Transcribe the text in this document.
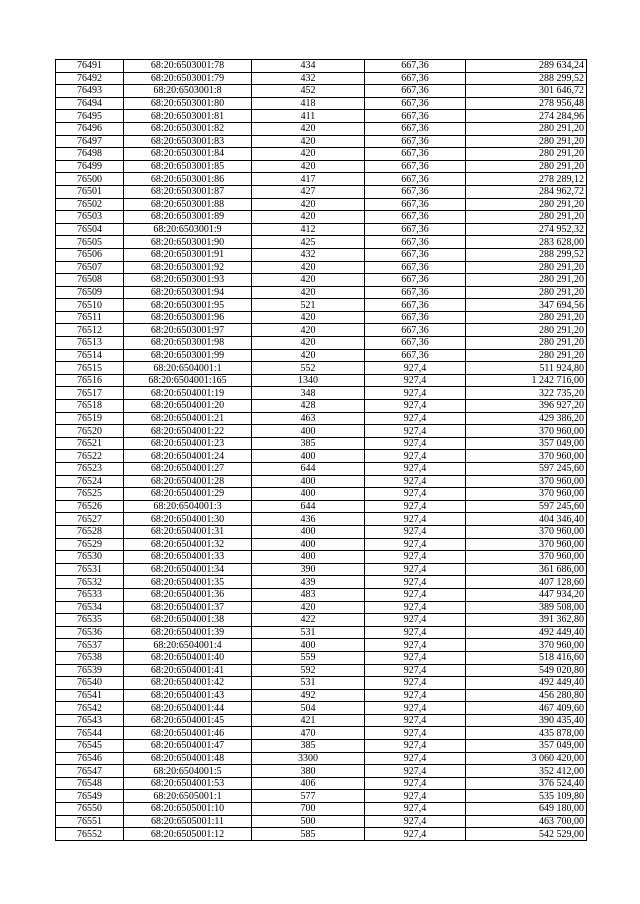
76491	68:20:6503001:78	434	667,36	289 634,24
76492	68:20:6503001:79	432	667,36	288 299,52
76493	68:20:6503001:8	452	667,36	301 646,72
76494	68:20:6503001:80	418	667,36	278 956,48
76495	68:20:6503001:81	411	667,36	274 284,96
76496	68:20:6503001:82	420	667,36	280 291,20
76497	68:20:6503001:83	420	667,36	280 291,20
76498	68:20:6503001:84	420	667,36	280 291,20
76499	68:20:6503001:85	420	667,36	280 291,20
76500	68:20:6503001:86	417	667,36	278 289,12
76501	68:20:6503001:87	427	667,36	284 962,72
76502	68:20:6503001:88	420	667,36	280 291,20
76503	68:20:6503001:89	420	667,36	280 291,20
76504	68:20:6503001:9	412	667,36	274 952,32
76505	68:20:6503001:90	425	667,36	283 628,00
76506	68:20:6503001:91	432	667,36	288 299,52
76507	68:20:6503001:92	420	667,36	280 291,20
76508	68:20:6503001:93	420	667,36	280 291,20
76509	68:20:6503001:94	420	667,36	280 291,20
76510	68:20:6503001:95	521	667,36	347 694,56
76511	68:20:6503001:96	420	667,36	280 291,20
76512	68:20:6503001:97	420	667,36	280 291,20
76513	68:20:6503001:98	420	667,36	280 291,20
76514	68:20:6503001:99	420	667,36	280 291,20
76515	68:20:6504001:1	552	927,4	511 924,80
76516	68:20:6504001:165	1340	927,4	1 242 716,00
76517	68:20:6504001:19	348	927,4	322 735,20
76518	68:20:6504001:20	428	927,4	396 927,20
76519	68:20:6504001:21	463	927,4	429 386,20
76520	68:20:6504001:22	400	927,4	370 960,00
76521	68:20:6504001:23	385	927,4	357 049,00
76522	68:20:6504001:24	400	927,4	370 960,00
76523	68:20:6504001:27	644	927,4	597 245,60
76524	68:20:6504001:28	400	927,4	370 960,00
76525	68:20:6504001:29	400	927,4	370 960,00
76526	68:20:6504001:3	644	927,4	597 245,60
76527	68:20:6504001:30	436	927,4	404 346,40
76528	68:20:6504001:31	400	927,4	370 960,00
76529	68:20:6504001:32	400	927,4	370 960,00
76530	68:20:6504001:33	400	927,4	370 960,00
76531	68:20:6504001:34	390	927,4	361 686,00
76532	68:20:6504001:35	439	927,4	407 128,60
76533	68:20:6504001:36	483	927,4	447 934,20
76534	68:20:6504001:37	420	927,4	389 508,00
76535	68:20:6504001:38	422	927,4	391 362,80
76536	68:20:6504001:39	531	927,4	492 449,40
76537	68:20:6504001:4	400	927,4	370 960,00
76538	68:20:6504001:40	559	927,4	518 416,60
76539	68:20:6504001:41	592	927,4	549 020,80
76540	68:20:6504001:42	531	927,4	492 449,40
76541	68:20:6504001:43	492	927,4	456 280,80
76542	68:20:6504001:44	504	927,4	467 409,60
76543	68:20:6504001:45	421	927,4	390 435,40
76544	68:20:6504001:46	470	927,4	435 878,00
76545	68:20:6504001:47	385	927,4	357 049,00
76546	68:20:6504001:48	3300	927,4	3 060 420,00
76547	68:20:6504001:5	380	927,4	352 412,00
76548	68:20:6504001:53	406	927,4	376 524,40
76549	68:20:6505001:1	577	927,4	535 109,80
76550	68:20:6505001:10	700	927,4	649 180,00
76551	68:20:6505001:11	500	927,4	463 700,00
76552	68:20:6505001:12	585	927,4	542 529,00
